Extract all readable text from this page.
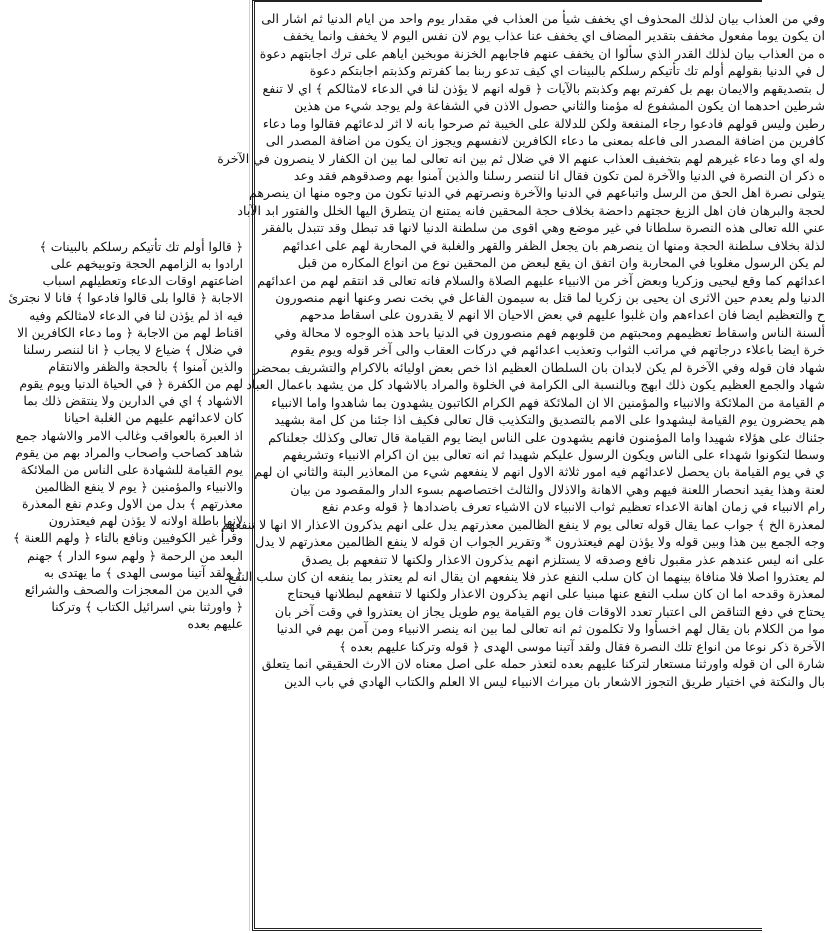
﴿ قالوا أولم تك تأتيكم رسلكم بالبينات ﴾
ارادوا به الزامهم الحجة وتوبيخهم على
اضاعتهم اوقات الدعاء وتعطيلهم اسباب
الاجابة ﴿ قالوا بلى قالوا فادعوا ﴾ فانا لا نجترئ
فيه اذ لم يؤذن لنا في الدعاء لامثالكم وفيه
اقناط لهم من الاجابة ﴿ وما دعاء الكافرين الا
في ضلال ﴾ ضياع لا يجاب ﴿ انا لننصر رسلنا
والذين آمنوا ﴾ بالحجة والظفر والانتقام
لهم من الكفرة ﴿ في الحياة الدنيا ويوم يقوم
الاشهاد ﴾ اي في الدارين ولا ينتقض ذلك بما
كان لاعدائهم عليهم من الغلبة احيانا
اذ العبرة بالعواقب وغالب الامر والاشهاد جمع
شاهد كصاحب واصحاب والمراد بهم من يقوم
يوم القيامة للشهادة على الناس من الملائكة
والانبياء والمؤمنين ﴿ يوم لا ينفع الظالمين
معذرتهم ﴾ بدل من الاول وعدم نفع المعذرة
لانها باطلة اولانه لا يؤذن لهم فيعتذرون
وقرأ غير الكوفيين ونافع بالتاء ﴿ ولهم اللعنة ﴾
البعد من الرحمة ﴿ ولهم سوء الدار ﴾ جهنم
﴿ ولقد آتينا موسى الهدى ﴾ ما يهتدى به
في الدين من المعجزات والصحف والشرائع
﴿ واورثنا بني اسرائيل الكتاب ﴾ وتركنا
عليهم بعده
وفي من العذاب بيان لذلك المحذوف اي يخفف شيأ من العذاب في مقدار يوم واحد من ايام الدنيا ثم اشار الى
ان يكون يوما مفعول مخفف بتقدير المضاف اي يخفف عنا عذاب يوم لان نفس اليوم لا يخفف وانما يخفف
ه من العذاب بيان لذلك القدر الذي سألوا ان يخفف عنهم فاجابهم الخزنة موبخين اياهم على ترك اجابتهم دعوة
ل في الدنيا بقولهم أولم تك تأتيكم رسلكم بالبينات اي كيف تدعو ربنا بما كفرتم وكذبتم اجابتكم دعوة
ل بتصديقهم والايمان بهم بل كفرتم بهم وكذبتم بالآيات ﴿ قوله انهم لا يؤذن لنا في الدعاء لامثالكم ﴾ اي لا تنفع
شرطين احدهما ان يكون المشفوع له مؤمنا والثاني حصول الاذن في الشفاعة ولم يوجد شيء من هذين
رطين وليس قولهم فادعوا رجاء المنفعة ولكن للدلالة على الخيبة ثم صرحوا بانه لا اثر لدعائهم فقالوا وما دعاء
كافرين من اضافة المصدر الى فاعله بمعنى ما دعاء الكافرين لانفسهم ويجوز ان يكون من اضافة المصدر الى
وله اي وما دعاء غيرهم لهم بتخفيف العذاب عنهم الا في ضلال ثم بين انه تعالى لما بين ان الكفار لا ينصرون في الآخرة
ه ذكر ان النصرة في الدنيا والآخرة لمن تكون فقال انا لننصر رسلنا والذين آمنوا بهم وصدقوهم فقد وعد
يتولى نصرة اهل الحق من الرسل واتباعهم في الدنيا والآخرة ونصرتهم في الدنيا تكون من وجوه منها ان ينصرهم
لحجة والبرهان فان اهل الزيغ حجتهم داحضة بخلاف حجة المحقين فانه يمتنع ان يتطرق اليها الخلل والفتور ابد الآباد
عني الله تعالى هذه النصرة سلطانا في غير موضع وهي اقوى من سلطنة الدنيا لانها قد تبطل وقد تتبدل بالفقر
لذلة بخلاف سلطنة الحجة ومنها ان ينصرهم بان يجعل الظفر والقهر والغلبة في المحاربة لهم على اعدائهم
لم يكن الرسول مغلوبا في المحاربة وان اتفق ان يقع لبعض من المحقين نوع من انواع المكاره من قبل
اعدائهم كما وقع ليحيى وزكريا وبعض آخر من الانبياء عليهم الصلاة والسلام فانه تعالى قد انتقم لهم من اعدائهم
الدنيا ولم يعدم حين الاثرى ان يحيى بن زكريا لما قتل به سيمون الفاعل في بخت نصر وعنها انهم منصورون
ح والتعظيم ايضا فان اعداءهم وان غلبوا عليهم في بعض الاحيان الا انهم لا يقدرون على اسقاط مدحهم
ألسنة الناس واسقاط تعظيمهم ومحبتهم من قلوبهم فهم منصورون في الدنيا باحد هذه الوجوه لا محالة وفي
خرة ايضا باعلاء درجاتهم في مراتب الثواب وتعذيب اعدائهم في دركات العقاب والى آخر قوله ويوم يقوم
شهاد فان قوله وفي الآخرة لم يكن لابدان بان السلطان العظيم اذا خص بعض اوليائه بالاكرام والتشريف بمحضر
شهاد والجمع العظيم يكون ذلك ابهج وبالنسبة الى الكرامة في الخلوة والمراد بالاشهاد كل من يشهد باعمال العباد
م القيامة من الملائكة والانبياء والمؤمنين الا ان الملائكة فهم الكرام الكاتبون يشهدون بما شاهدوا واما الانبياء
هم يحضرون يوم القيامة ليشهدوا على الامم بالتصديق والتكذيب قال تعالى فكيف اذا جئنا من كل امة بشهيد
جئناك على هؤلاء شهيدا واما المؤمنون فانهم يشهدون على الناس ايضا يوم القيامة قال تعالى وكذلك جعلناكم
وسطا لتكونوا شهداء على الناس ويكون الرسول عليكم شهيدا ثم انه تعالى بين ان اكرام الانبياء وتشريفهم
ي في يوم القيامة بان يحصل لاعدائهم فيه امور ثلاثة الاول انهم لا ينفعهم شيء من المعاذير البتة والثاني ان لهم
لعنة وهذا يفيد انحصار اللعنة فيهم وهي الاهانة والاذلال والثالث اختصاصهم بسوء الدار والمقصود من بيان
رام الانبياء في زمان اهانة الاعداء تعظيم ثواب الانبياء لان الاشياء تعرف باضدادها ﴿ قوله وعدم نفع
لمعذرة الخ ﴾ جواب عما يقال قوله تعالى يوم لا ينفع الظالمين معذرتهم يدل على انهم يذكرون الاعذار الا انها لا تنفعهم
وجه الجمع بين هذا وبين قوله ولا يؤذن لهم فيعتذرون * وتقرير الجواب ان قوله لا ينفع الظالمين معذرتهم لا يدل
على انه ليس عندهم عذر مقبول نافع وصدقه لا يستلزم انهم يذكرون الاعذار ولكنها لا تنفعهم بل يصدق
لم يعتذروا اصلا فلا منافاة بينهما ان كان سلب النفع عذر فلا ينفعهم ان يقال انه لم يعتذر بما ينفعه ان كان سلب النفع
لمعذرة وقدحه اما ان كان سلب النفع عنها مبنيا على انهم يذكرون الاعذار ولكنها لا تنفعهم لبطلانها فيحتاج
يحتاج في دفع التناقض الى اعتبار تعدد الاوقات فان يوم القيامة يوم طويل يجاز ان يعتذروا في وقت آخر بان
موا من الكلام بان يقال لهم اخسأوا ولا تكلمون ثم انه تعالى لما بين انه ينصر الانبياء ومن آمن بهم في الدنيا
الآخرة ذكر نوعا من انواع تلك النصرة فقال ولقد آتينا موسى الهدى ﴿ قوله وتركنا عليهم بعده ﴾
شارة الى ان قوله واورثنا مستعار لتركنا عليهم بعده لتعذر حمله على اصل معناه لان الارث الحقيقي انما يتعلق
بال والنكتة في اختيار طريق التجوز الاشعار بان ميراث الانبياء ليس الا العلم والكتاب الهادي في باب الدين
